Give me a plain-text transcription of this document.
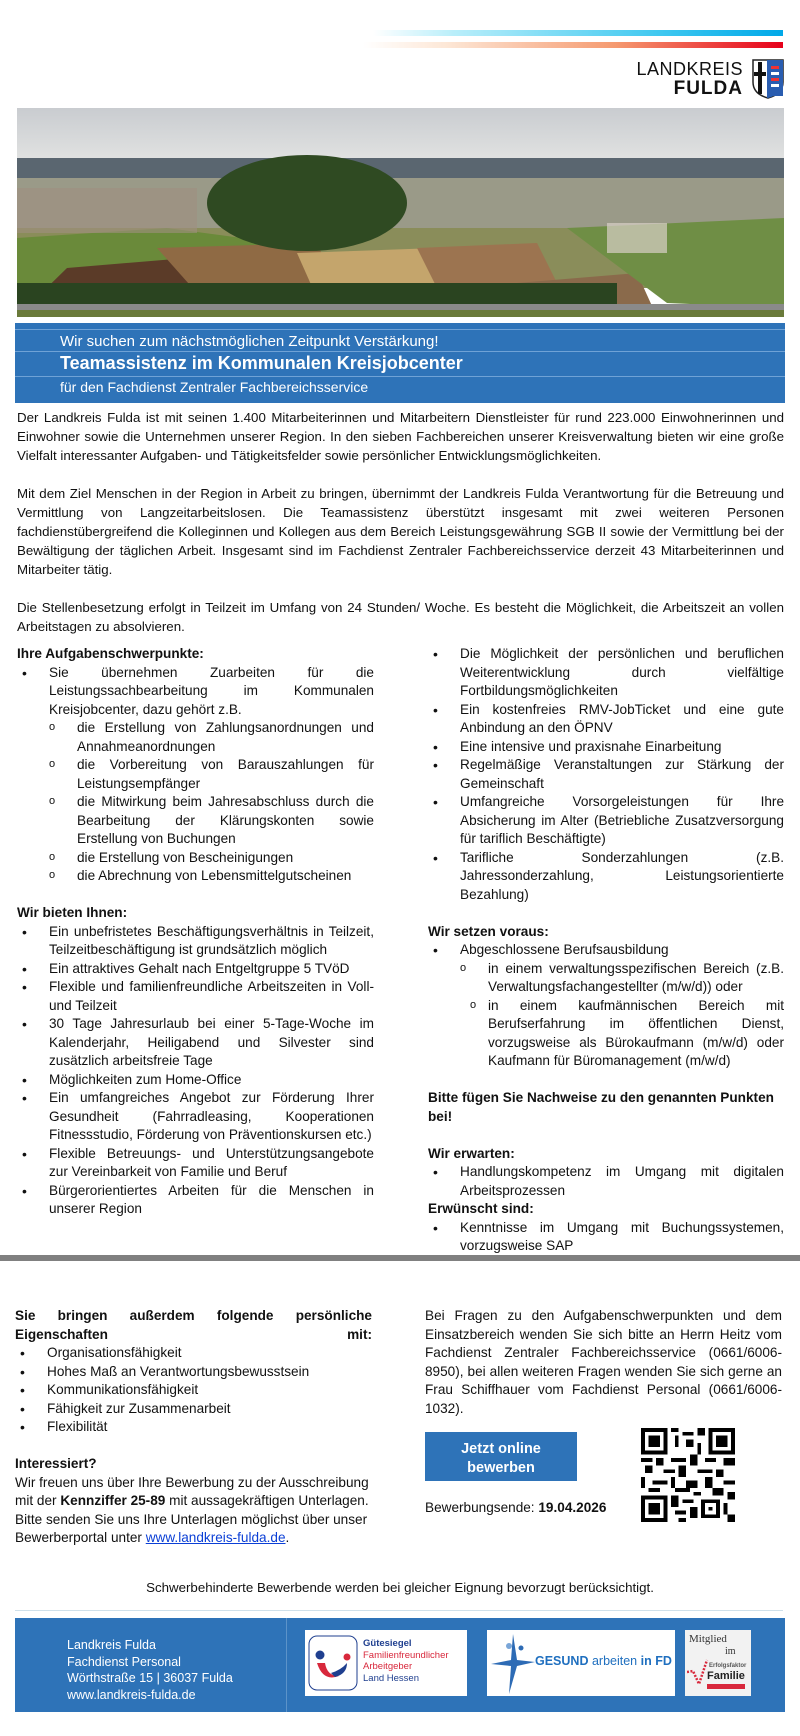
LANDKREIS
FULDA
Wir suchen zum nächstmöglichen Zeitpunkt Verstärkung!
Teamassistenz im Kommunalen Kreisjobcenter
für den Fachdienst Zentraler Fachbereichsservice

Der Landkreis Fulda ist mit seinen 1.400 Mitarbeiterinnen und Mitarbeitern Dienstleister für rund 223.000 Einwohnerinnen und Einwohner sowie die Unternehmen unserer Region. In den sieben Fachbereichen unserer Kreisverwaltung bieten wir eine große Vielfalt interessanter Aufgaben- und Tätigkeitsfelder sowie persönlicher Entwicklungsmöglichkeiten.

Mit dem Ziel Menschen in der Region in Arbeit zu bringen, übernimmt der Landkreis Fulda Verantwortung für die Betreuung und Vermittlung von Langzeitarbeitslosen. Die Teamassistenz überstützt insgesamt mit zwei weiteren Personen fachdienstübergreifend die Kolleginnen und Kollegen aus dem Bereich Leistungsgewährung SGB II sowie der Vermittlung bei der Bewältigung der täglichen Arbeit. Insgesamt sind im Fachdienst Zentraler Fachbereichsservice derzeit 43 Mitarbeiterinnen und Mitarbeiter tätig.

Die Stellenbesetzung erfolgt in Teilzeit im Umfang von 24 Stunden/ Woche. Es besteht die Möglichkeit, die Arbeitszeit an vollen Arbeitstagen zu absolvieren.

Ihre Aufgabenschwerpunkte:
• Sie übernehmen Zuarbeiten für die Leistungssachbearbeitung im Kommunalen Kreisjobcenter, dazu gehört z.B.
o die Erstellung von Zahlungsanordnungen und Annahmeanordnungen
o die Vorbereitung von Barauszahlungen für Leistungsempfänger
o die Mitwirkung beim Jahresabschluss durch die Bearbeitung der Klärungskonten sowie Erstellung von Buchungen
o die Erstellung von Bescheinigungen
o die Abrechnung von Lebensmittelgutscheinen
Wir bieten Ihnen:
• Ein unbefristetes Beschäftigungsverhältnis in Teilzeit, Teilzeitbeschäftigung ist grundsätzlich möglich
• Ein attraktives Gehalt nach Entgeltgruppe 5 TVöD
• Flexible und familienfreundliche Arbeitszeiten in Voll- und Teilzeit
• 30 Tage Jahresurlaub bei einer 5-Tage-Woche im Kalenderjahr, Heiligabend und Silvester sind zusätzlich arbeitsfreie Tage
• Möglichkeiten zum Home-Office
• Ein umfangreiches Angebot zur Förderung Ihrer Gesundheit (Fahrradleasing, Kooperationen Fitnessstudio, Förderung von Präventionskursen etc.)
• Flexible Betreuungs- und Unterstützungsangebote zur Vereinbarkeit von Familie und Beruf
• Bürgerorientiertes Arbeiten für die Menschen in unserer Region
• Die Möglichkeit der persönlichen und beruflichen Weiterentwicklung durch vielfältige Fortbildungsmöglichkeiten
• Ein kostenfreies RMV-JobTicket und eine gute Anbindung an den ÖPNV
• Eine intensive und praxisnahe Einarbeitung
• Regelmäßige Veranstaltungen zur Stärkung der Gemeinschaft
• Umfangreiche Vorsorgeleistungen für Ihre Absicherung im Alter (Betriebliche Zusatzversorgung für tariflich Beschäftigte)
• Tarifliche Sonderzahlungen (z.B. Jahressonderzahlung, Leistungsorientierte Bezahlung)
Wir setzen voraus:
• Abgeschlossene Berufsausbildung
o in einem verwaltungsspezifischen Bereich (z.B. Verwaltungsfachangestellter (m/w/d)) oder
o in einem kaufmännischen Bereich mit Berufserfahrung im öffentlichen Dienst, vorzugsweise als Bürokaufmann (m/w/d) oder Kaufmann für Büromanagement (m/w/d)
Bitte fügen Sie Nachweise zu den genannten Punkten bei!
Wir erwarten:
• Handlungskompetenz im Umgang mit digitalen Arbeitsprozessen
Erwünscht sind:
• Kenntnisse im Umgang mit Buchungssystemen, vorzugsweise SAP
Sie bringen außerdem folgende persönliche Eigenschaften mit:
• Organisationsfähigkeit
• Hohes Maß an Verantwortungsbewusstsein
• Kommunikationsfähigkeit
• Fähigkeit zur Zusammenarbeit
• Flexibilität
Interessiert?

Wir freuen uns über Ihre Bewerbung zu der Ausschreibung mit der Kennziffer 25-89 mit aussagekräftigen Unterlagen. Bitte senden Sie uns Ihre Unterlagen möglichst über unser Bewerberportal unter www.landkreis-fulda.de.

Bei Fragen zu den Aufgabenschwerpunkten und dem Einsatzbereich wenden Sie sich bitte an Herrn Heitz vom Fachdienst Zentraler Fachbereichsservice (0661/6006-8950), bei allen weiteren Fragen wenden Sie sich gerne an Frau Schiffhauer vom Fachdienst Personal (0661/6006-1032).
Jetzt online
bewerben
Bewerbungsende: 19.04.2026
Schwerbehinderte Bewerbende werden bei gleicher Eignung bevorzugt berücksichtigt.
Landkreis Fulda
Fachdienst Personal
Wörthstraße 15 | 36037 Fulda
www.landkreis-fulda.de
Gütesiegel
Familienfreundlicher
Arbeitgeber
Land Hessen
GESUND arbeiten in FD
Mitglied
im
Erfolgsfaktor
Familie
